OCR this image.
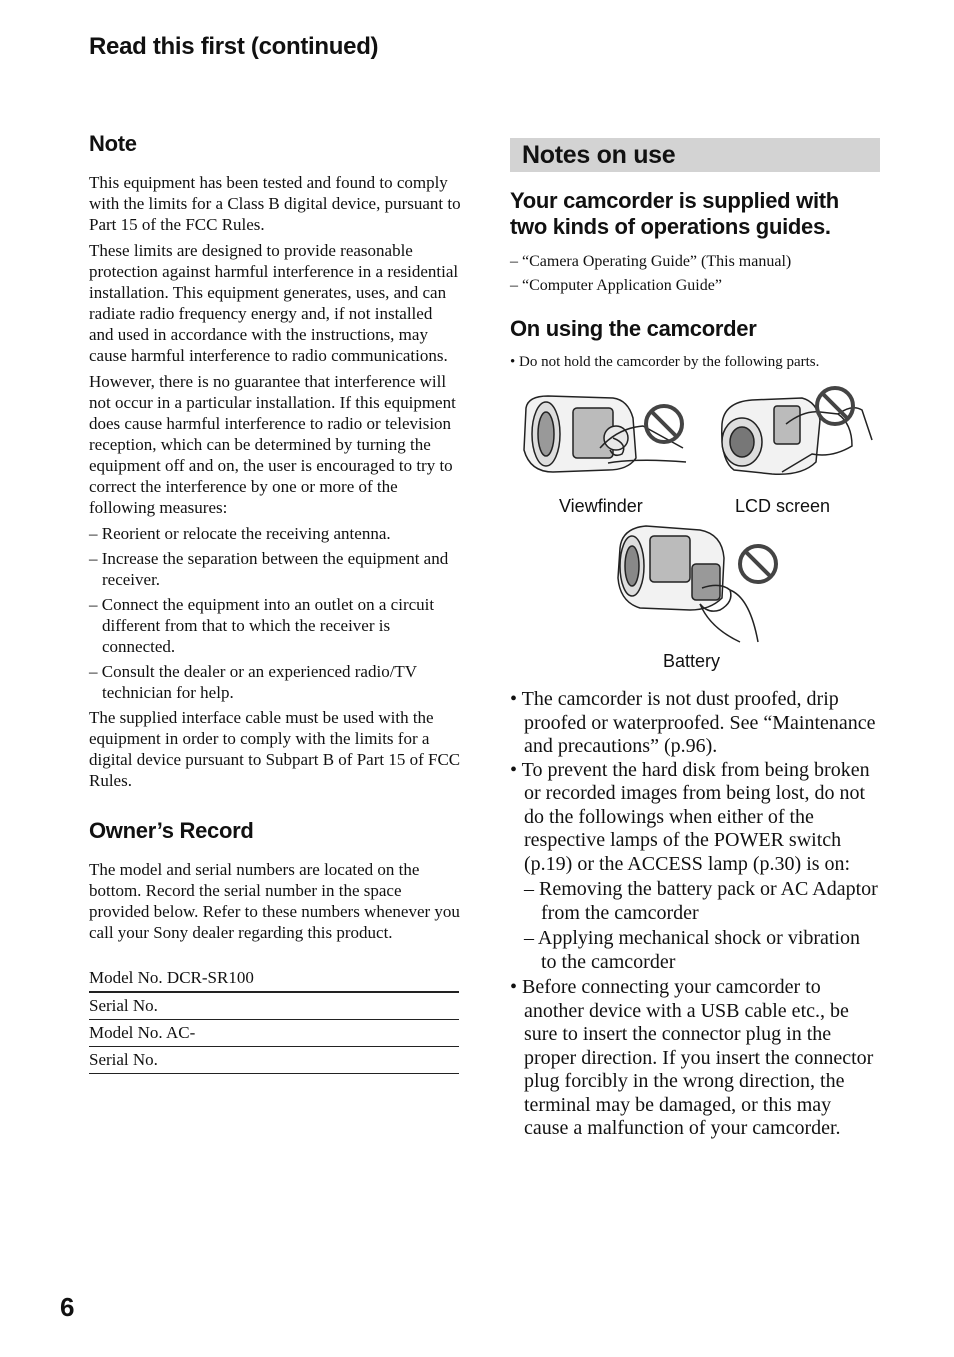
Read this first (continued)
Note

This equipment has been tested and found to comply with the limits for a Class B digital device, pursuant to Part 15 of the FCC Rules.

These limits are designed to provide reasonable protection against harmful interference in a residential installation. This equipment generates, uses, and can radiate radio frequency energy and, if not installed and used in accordance with the instructions, may cause harmful interference to radio communications.

However, there is no guarantee that interference will not occur in a particular installation. If this equipment does cause harmful interference to radio or television reception, which can be determined by turning the equipment off and on, the user is encouraged to try to correct the interference by one or more of the following measures:

– Reorient or relocate the receiving antenna.
– Increase the separation between the equipment and receiver.
– Connect the equipment into an outlet on a circuit different from that to which the receiver is connected.
– Consult the dealer or an experienced radio/TV technician for help.

The supplied interface cable must be used with the equipment in order to comply with the limits for a digital device pursuant to Subpart B of Part 15 of FCC Rules.

Owner’s Record

The model and serial numbers are located on the bottom. Record the serial number in the space provided below. Refer to these numbers whenever you call your Sony dealer regarding this product.

Model No. DCR-SR100
Serial No.
Model No. AC-
Serial No.
Notes on use
Your camcorder is supplied with two kinds of operations guides.

– “Camera Operating Guide” (This manual)

– “Computer Application Guide”

On using the camcorder

• Do not hold the camcorder by the following parts.

Viewfinder	LCD screen
Battery

• The camcorder is not dust proofed, drip proofed or waterproofed. See “Maintenance and precautions” (p.96).

• To prevent the hard disk from being broken or recorded images from being lost, do not do the followings when either of the respective lamps of the POWER switch (p.19) or the ACCESS lamp (p.30) is on:

– Removing the battery pack or AC Adaptor from the camcorder

– Applying mechanical shock or vibration to the camcorder

• Before connecting your camcorder to another device with a USB cable etc., be sure to insert the connector plug in the proper direction. If you insert the connector plug forcibly in the wrong direction, the terminal may be damaged, or this may cause a malfunction of your camcorder.

6
